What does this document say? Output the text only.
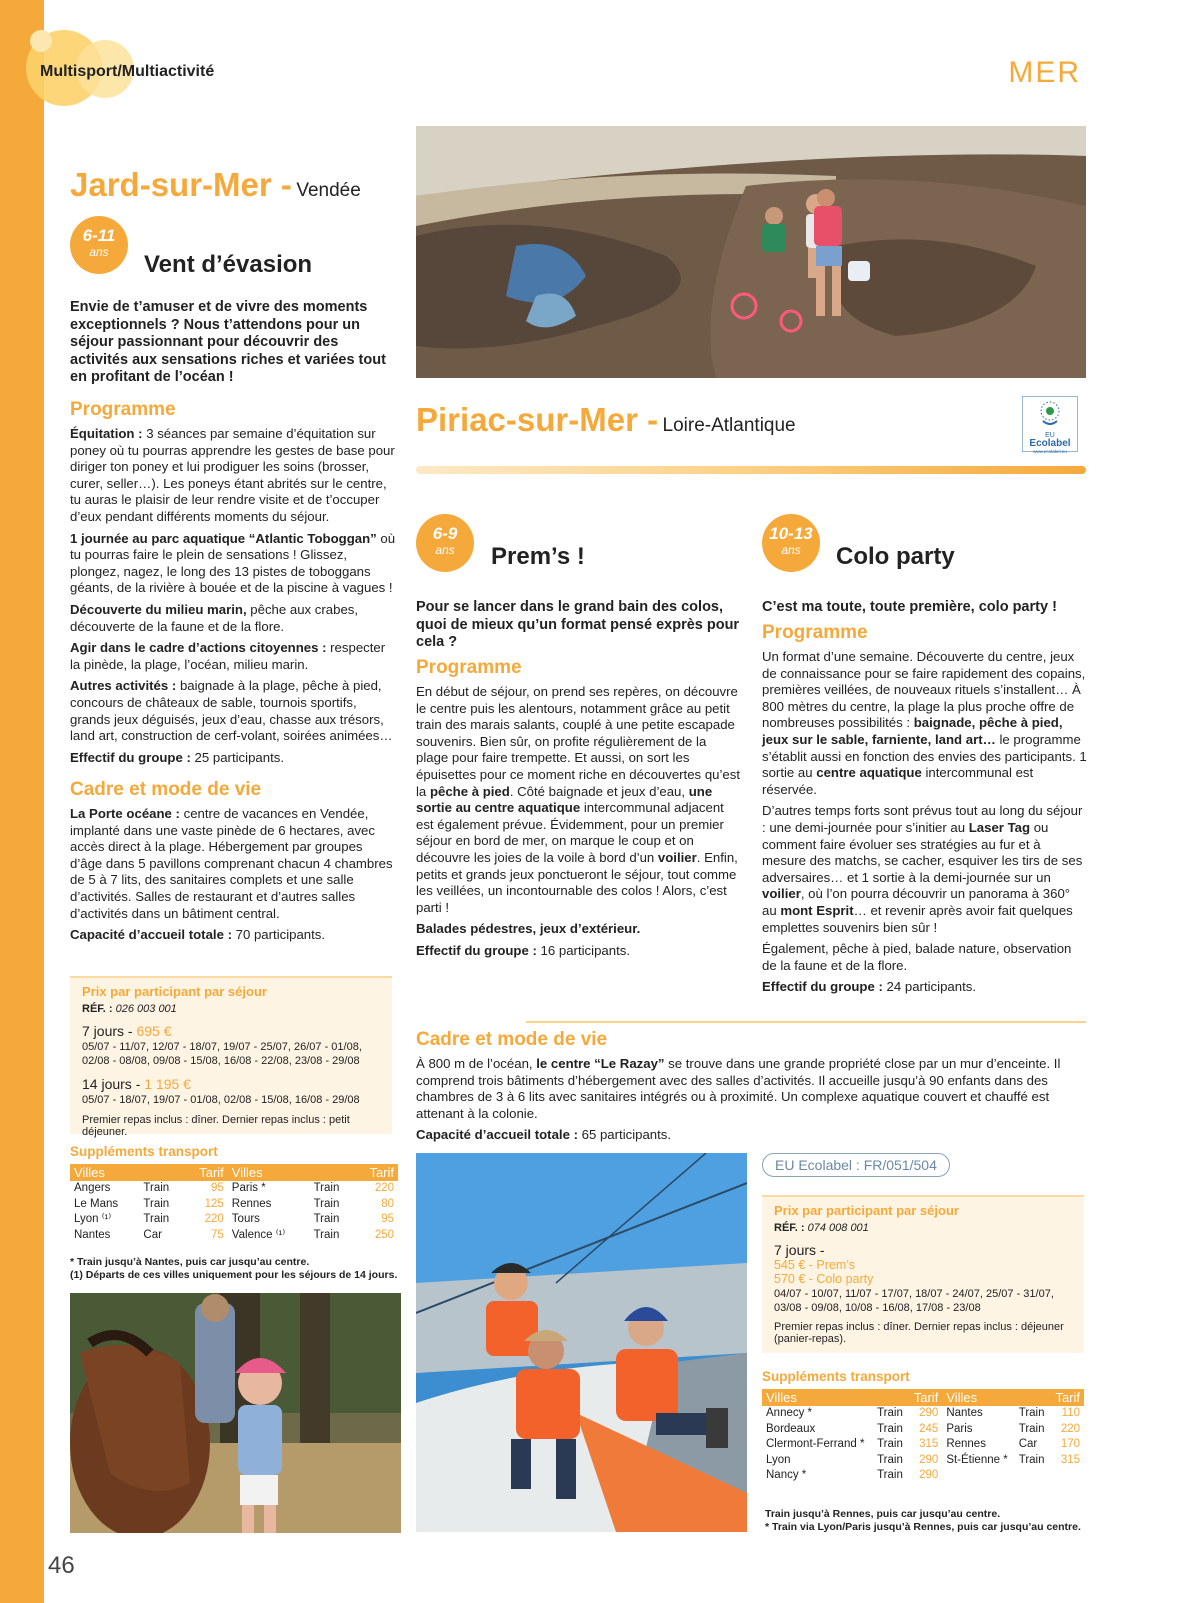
Multisport/Multiactivité	MER
Jard-sur-Mer - Vendée
6-11
ans	Vent d’évasion
Envie de t’amuser et de vivre des moments exceptionnels ? Nous t’attendons pour un séjour passionnant pour découvrir des activités aux sensations riches et variées tout en profitant de l’océan !
Programme

Équitation : 3 séances par semaine d’équitation sur poney où tu pourras apprendre les gestes de base pour diriger ton poney et lui prodiguer les soins (brosser, curer, seller…). Les poneys étant abrités sur le centre, tu auras le plaisir de leur rendre visite et de t’occuper d’eux pendant différents moments du séjour.

1 journée au parc aquatique “Atlantic Toboggan” où tu pourras faire le plein de sensations ! Glissez, plongez, nagez, le long des 13 pistes de toboggans géants, de la rivière à bouée et de la piscine à vagues !

Découverte du milieu marin, pêche aux crabes, découverte de la faune et de la flore.

Agir dans le cadre d’actions citoyennes : respecter la pinède, la plage, l’océan, milieu marin.

Autres activités : baignade à la plage, pêche à pied, concours de châteaux de sable, tournois sportifs, grands jeux déguisés, jeux d’eau, chasse aux trésors, land art, construction de cerf-volant, soirées animées…

Effectif du groupe : 25 participants.

Cadre et mode de vie

La Porte océane : centre de vacances en Vendée, implanté dans une vaste pinède de 6 hectares, avec accès direct à la plage. Hébergement par groupes d’âge dans 5 pavillons comprenant chacun 4 chambres de 5 à 7 lits, des sanitaires complets et une salle d’activités. Salles de restaurant et d’autres salles d’activités dans un bâtiment central.

Capacité d’accueil totale : 70 participants.

Prix par participant par séjour
RÉF. : 026 003 001
7 jours - 695 €
05/07 - 11/07, 12/07 - 18/07, 19/07 - 25/07, 26/07 - 01/08, 02/08 - 08/08, 09/08 - 15/08, 16/08 - 22/08, 23/08 - 29/08
14 jours - 1 195 €
05/07 - 18/07, 19/07 - 01/08, 02/08 - 15/08, 16/08 - 29/08
Premier repas inclus : dîner. Dernier repas inclus : petit déjeuner.
Suppléments transport
Villes		Tarif	Villes		Tarif
Angers	Train	95	Paris *	Train	220
Le Mans	Train	125	Rennes	Train	80
Lyon ⁽¹⁾	Train	220	Tours	Train	95
Nantes	Car	75	Valence ⁽¹⁾	Train	250
* Train jusqu’à Nantes, puis car jusqu’au centre.
(1) Départs de ces villes uniquement pour les séjours de 14 jours.
46
Piriac-sur-Mer - Loire-Atlantique	EU
Ecolabel
www.ecolabel.eu
6-9
ans	Prem’s !
Pour se lancer dans le grand bain des colos, quoi de mieux qu’un format pensé exprès pour cela ?
Programme

En début de séjour, on prend ses repères, on découvre le centre puis les alentours, notamment grâce au petit train des marais salants, couplé à une petite escapade souvenirs. Bien sûr, on profite régulièrement de la plage pour faire trempette. Et aussi, on sort les épuisettes pour ce moment riche en découvertes qu’est la pêche à pied. Côté baignade et jeux d’eau, une sortie au centre aquatique intercommunal adjacent est également prévue. Évidemment, pour un premier séjour en bord de mer, on marque le coup et on découvre les joies de la voile à bord d’un voilier. Enfin, petits et grands jeux ponctueront le séjour, tout comme les veillées, un incontournable des colos ! Alors, c’est parti !

Balades pédestres, jeux d’extérieur.

Effectif du groupe : 16 participants.

10-13
ans	Colo party
C’est ma toute, toute première, colo party !
Programme

Un format d’une semaine. Découverte du centre, jeux de connaissance pour se faire rapidement des copains, premières veillées, de nouveaux rituels s’installent… À 800 mètres du centre, la plage la plus proche offre de nombreuses possibilités : baignade, pêche à pied, jeux sur le sable, farniente, land art… le programme s’établit aussi en fonction des envies des participants. 1 sortie au centre aquatique intercommunal est réservée.

D’autres temps forts sont prévus tout au long du séjour : une demi-journée pour s’initier au Laser Tag ou comment faire évoluer ses stratégies au fur et à mesure des matchs, se cacher, esquiver les tirs de ses adversaires… et 1 sortie à la demi-journée sur un voilier, où l’on pourra découvrir un panorama à 360° au mont Esprit… et revenir après avoir fait quelques emplettes souvenirs bien sûr !

Également, pêche à pied, balade nature, observation de la faune et de la flore.

Effectif du groupe : 24 participants.

Cadre et mode de vie

À 800 m de l’océan, le centre “Le Razay” se trouve dans une grande propriété close par un mur d’enceinte. Il comprend trois bâtiments d’hébergement avec des salles d’activités. Il accueille jusqu’à 90 enfants dans des chambres de 3 à 6 lits avec sanitaires intégrés ou à proximité. Un complexe aquatique couvert et chauffé est attenant à la colonie.

Capacité d’accueil totale : 65 participants.

EU Ecolabel : FR/051/504
Prix par participant par séjour
RÉF. : 074 008 001
7 jours -
545 € - Prem’s
570 € - Colo party
04/07 - 10/07, 11/07 - 17/07, 18/07 - 24/07, 25/07 - 31/07, 03/08 - 09/08, 10/08 - 16/08, 17/08 - 23/08
Premier repas inclus : dîner. Dernier repas inclus : déjeuner (panier-repas).
Suppléments transport
Villes		Tarif	Villes		Tarif
Annecy *	Train	290	Nantes	Train	110
Bordeaux	Train	245	Paris	Train	220
Clermont-Ferrand *	Train	315	Rennes	Car	170
Lyon	Train	290	St-Étienne *	Train	315
Nancy *	Train	290			
Train jusqu’à Rennes, puis car jusqu’au centre.
* Train via Lyon/Paris jusqu’à Rennes, puis car jusqu’au centre.
